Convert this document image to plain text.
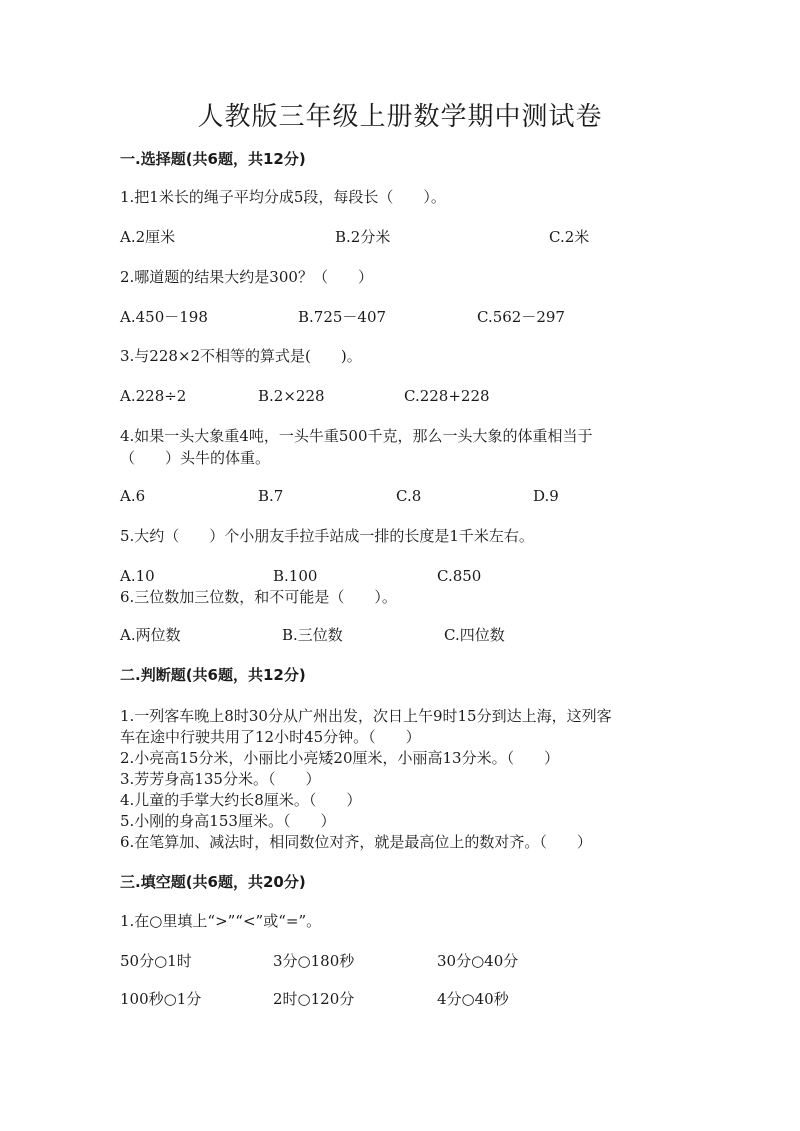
人教版三年级上册数学期中测试卷
一.选择题(共6题，共12分)
1.把1米长的绳子平均分成5段，每段长（　　）。
A.2厘米	B.2分米	C.2米
2.哪道题的结果大约是300？（　　）
A.450－198	B.725－407	C.562－297
3.与228×2不相等的算式是(　　)。
A.228÷2	B.2×228	C.228+228
4.如果一头大象重4吨，一头牛重500千克，那么一头大象的体重相当于
（　　）头牛的体重。
A.6	B.7	C.8	D.9
5.大约（　　）个小朋友手拉手站成一排的长度是1千米左右。
A.10	B.100	C.850
6.三位数加三位数，和不可能是（　　）。
A.两位数	B.三位数	C.四位数
二.判断题(共6题，共12分)
1.一列客车晚上8时30分从广州出发，次日上午9时15分到达上海，这列客
车在途中行驶共用了12小时45分钟。（　　）
2.小亮高15分米，小丽比小亮矮20厘米，小丽高13分米。（　　）
3.芳芳身高135分米。（　　）
4.儿童的手掌大约长8厘米。（　　）
5.小刚的身高153厘米。（　　）
6.在笔算加、减法时，相同数位对齐，就是最高位上的数对齐。（　　）
三.填空题(共6题，共20分)
1.在○里填上“>”“<”或“=”。
50分○1时	3分○180秒	30分○40分
100秒○1分	2时○120分	4分○40秒
